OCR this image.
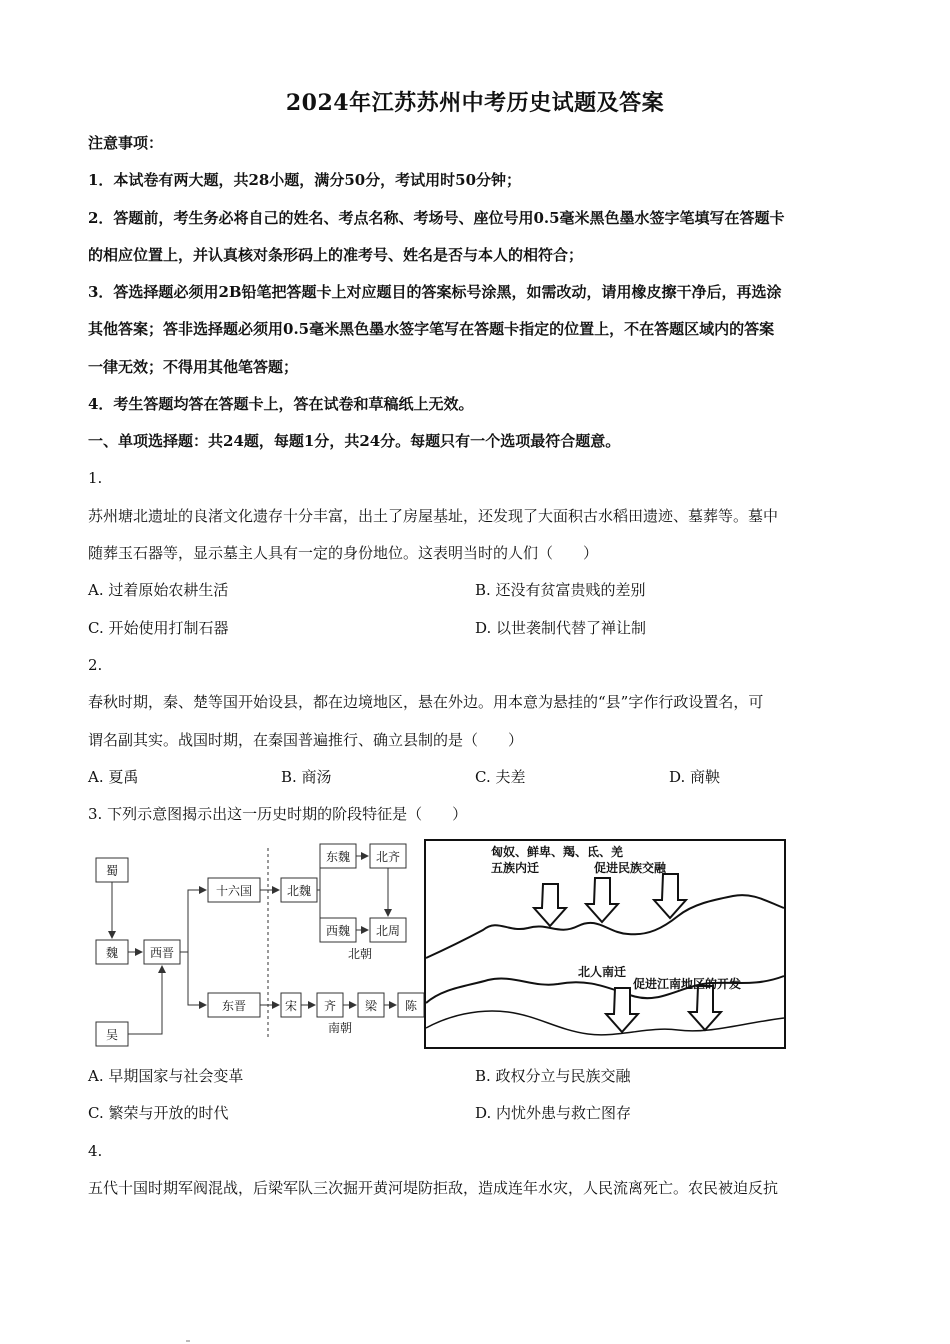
2024年江苏苏州中考历史试题及答案
注意事项：
1．本试卷有两大题，共28小题，满分50分，考试用时50分钟；
2．答题前，考生务必将自己的姓名、考点名称、考场号、座位号用0.5毫米黑色墨水签字笔填写在答题卡
的相应位置上，并认真核对条形码上的准考号、姓名是否与本人的相符合；
3．答选择题必须用2B铅笔把答题卡上对应题目的答案标号涂黑，如需改动，请用橡皮擦干净后，再选涂
其他答案；答非选择题必须用0.5毫米黑色墨水签字笔写在答题卡指定的位置上，不在答题区域内的答案
一律无效；不得用其他笔答题；
4．考生答题均答在答题卡上，答在试卷和草稿纸上无效。
一、单项选择题：共24题，每题1分，共24分。每题只有一个选项最符合题意。
1.
苏州塘北遗址的良渚文化遗存十分丰富，出土了房屋基址，还发现了大面积古水稻田遗迹、墓葬等。墓中
随葬玉石器等，显示墓主人具有一定的身份地位。这表明当时的人们（　　）
A. 过着原始农耕生活	B. 还没有贫富贵贱的差别
C. 开始使用打制石器	D. 以世袭制代替了禅让制
2.
春秋时期，秦、楚等国开始设县，都在边境地区，悬在外边。用本意为悬挂的“县”字作行政设置名，可
谓名副其实。战国时期，在秦国普遍推行、确立县制的是（　　）
A. 夏禹	B. 商汤	C. 夫差	D. 商鞅
3. 下列示意图揭示出这一历史时期的阶段特征是（　　）
蜀
魏
吴
西晋
十六国
东晋
北魏
东魏 北齐
西魏 北周
北朝
宋 齐 梁 陈
南朝
匈奴、鲜卑、羯、氐、羌
五族内迁	促进民族交融
北人南迁
促进江南地区的开发
A. 早期国家与社会变革	B. 政权分立与民族交融
C. 繁荣与开放的时代	D. 内忧外患与救亡图存
4.
五代十国时期军阀混战，后梁军队三次掘开黄河堤防拒敌，造成连年水灾，人民流离死亡。农民被迫反抗
